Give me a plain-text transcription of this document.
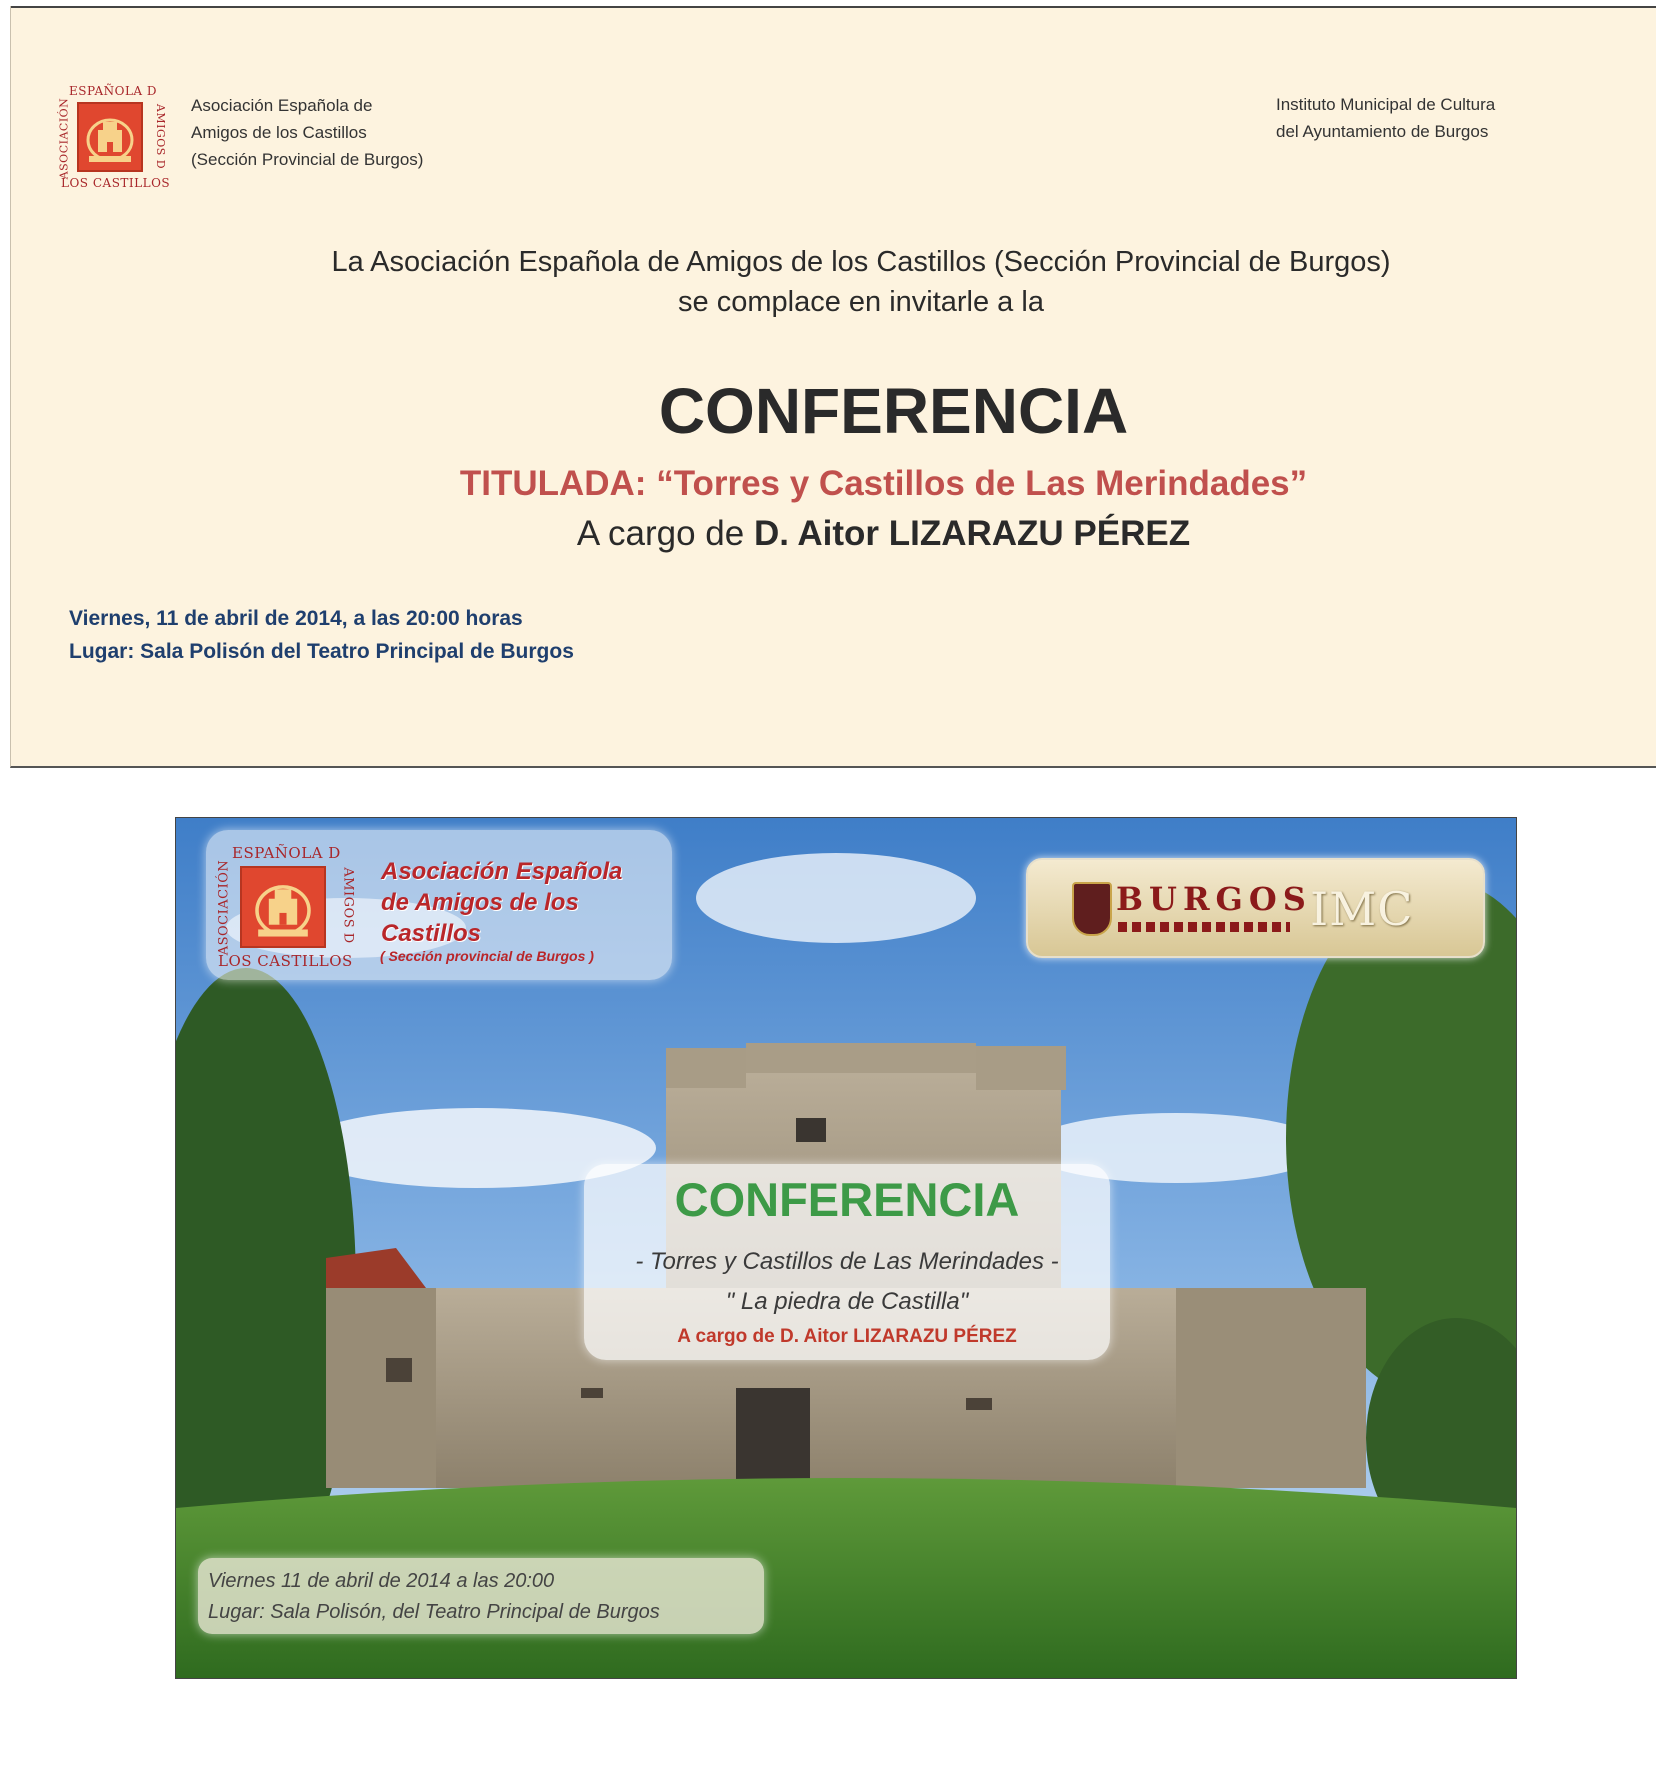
ESPAÑOLA D
ASOCIACIÓN	AMIGOS D
LOS CASTILLOS
Asociación Española de
Amigos de los Castillos
(Sección Provincial de Burgos)
Instituto Municipal de Cultura
del Ayuntamiento de Burgos
La Asociación Española de Amigos de los Castillos (Sección Provincial de Burgos)
se complace en invitarle a la
CONFERENCIA
TITULADA: “Torres y Castillos de Las Merindades”
A cargo de D. Aitor LIZARAZU PÉREZ
Viernes, 11 de abril de 2014, a las 20:00 horas
Lugar: Sala Polisón del Teatro Principal de Burgos
ESPAÑOLA D
ASOCIACIÓN	AMIGOS D
LOS CASTILLOS
Asociación Española
de Amigos de los
Castillos
( Sección provincial de Burgos )
BURGOS
IMC
CONFERENCIA
- Torres y Castillos de Las Merindades -
" La piedra de Castilla"
A cargo de D. Aitor LIZARAZU PÉREZ
Viernes 11 de abril de 2014 a las 20:00
Lugar: Sala Polisón, del Teatro Principal de Burgos
